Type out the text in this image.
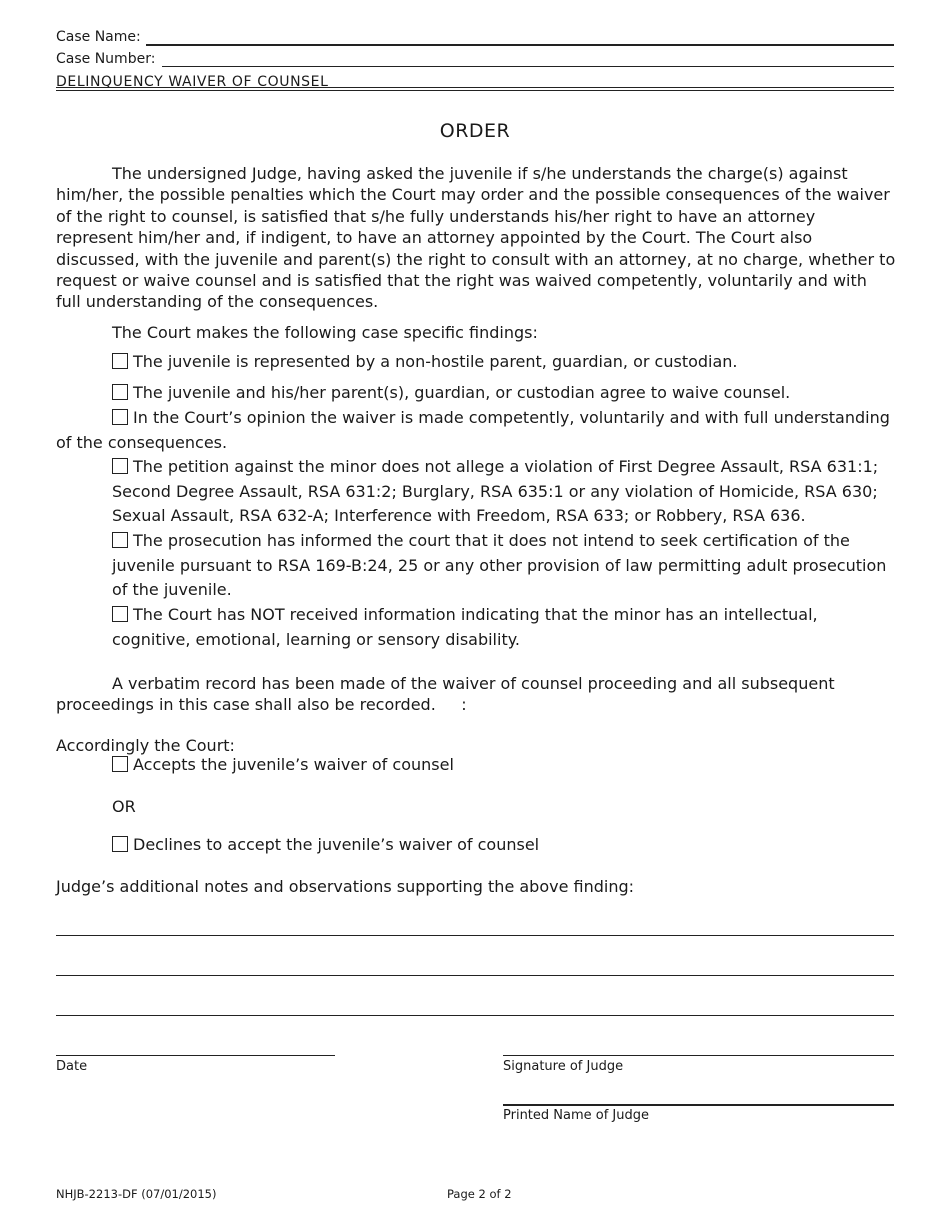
Case Name:
Case Number:
DELINQUENCY WAIVER OF COUNSEL
ORDER
The undersigned Judge, having asked the juvenile if s/he understands the charge(s) against him/her, the possible penalties which the Court may order and the possible consequences of the waiver of the right to counsel, is satisfied that s/he fully understands his/her right to have an attorney represent him/her and, if indigent, to have an attorney appointed by the Court. The Court also discussed, with the juvenile and parent(s) the right to consult with an attorney, at no charge, whether to request or waive counsel and is satisfied that the right was waived competently, voluntarily and with full understanding of the consequences.
The Court makes the following case specific findings:
The juvenile is represented by a non-hostile parent, guardian, or custodian.
The juvenile and his/her parent(s), guardian, or custodian agree to waive counsel.
In the Court’s opinion the waiver is made competently, voluntarily and with full understanding of the consequences.
The petition against the minor does not allege a violation of First Degree Assault, RSA 631:1; Second Degree Assault, RSA 631:2; Burglary, RSA 635:1 or any violation of Homicide, RSA 630; Sexual Assault, RSA 632-A; Interference with Freedom, RSA 633; or Robbery, RSA 636.
The prosecution has informed the court that it does not intend to seek certification of the juvenile pursuant to RSA 169-B:24, 25 or any other provision of law permitting adult prosecution of the juvenile.
The Court has NOT received information indicating that the minor has an intellectual, cognitive, emotional, learning or sensory disability.
A verbatim record has been made of the waiver of counsel proceeding and all subsequent proceedings in this case shall also be recorded.     :
Accordingly the Court:
Accepts the juvenile’s waiver of counsel
OR
Declines to accept the juvenile’s waiver of counsel
Judge’s additional notes and observations supporting the above finding:
Date	Signature of Judge
Printed Name of Judge
NHJB-2213-DF (07/01/2015)	Page 2 of 2
